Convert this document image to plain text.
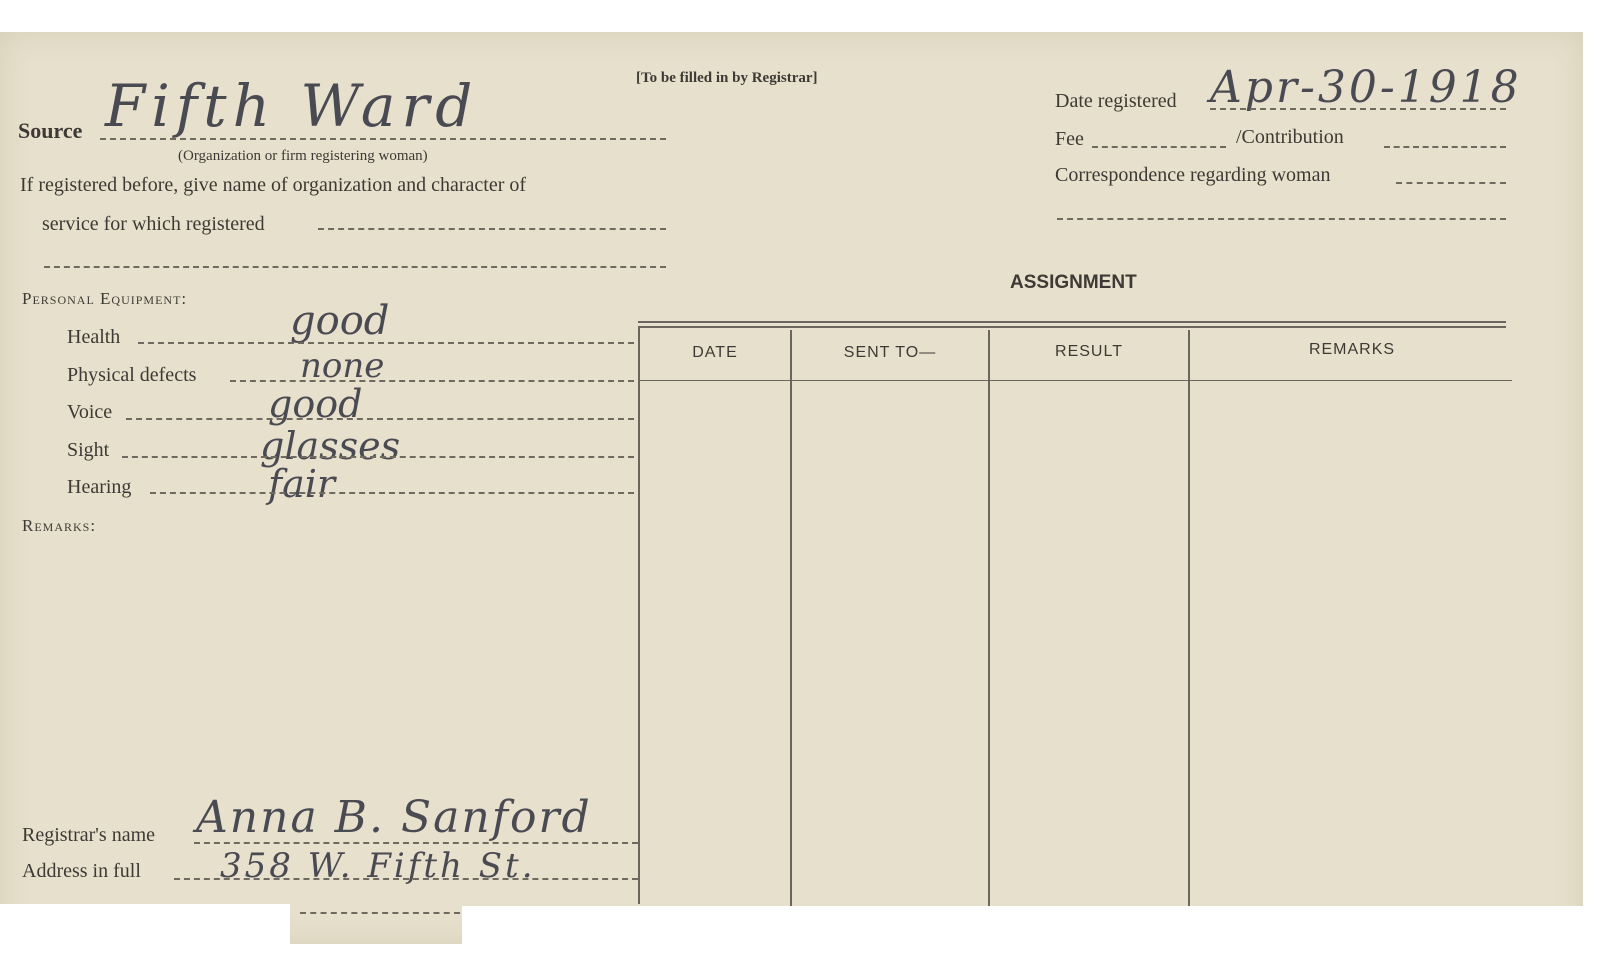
[To be filled in by Registrar]
Source Fifth Ward
(Organization or firm registering woman)
If registered before, give name of organization and character of
service for which registered
Date registered Apr-30-1918
Fee	/Contribution
Correspondence regarding woman
Personal Equipment:
Health	good
Physical defects	none
Voice	good
Sight	glasses
Hearing	fair
Remarks:
ASSIGNMENT
DATE	SENT TO—	RESULT	REMARKS
Registrar's name Anna B. Sanford
Address in full 358 W. Fifth St.
